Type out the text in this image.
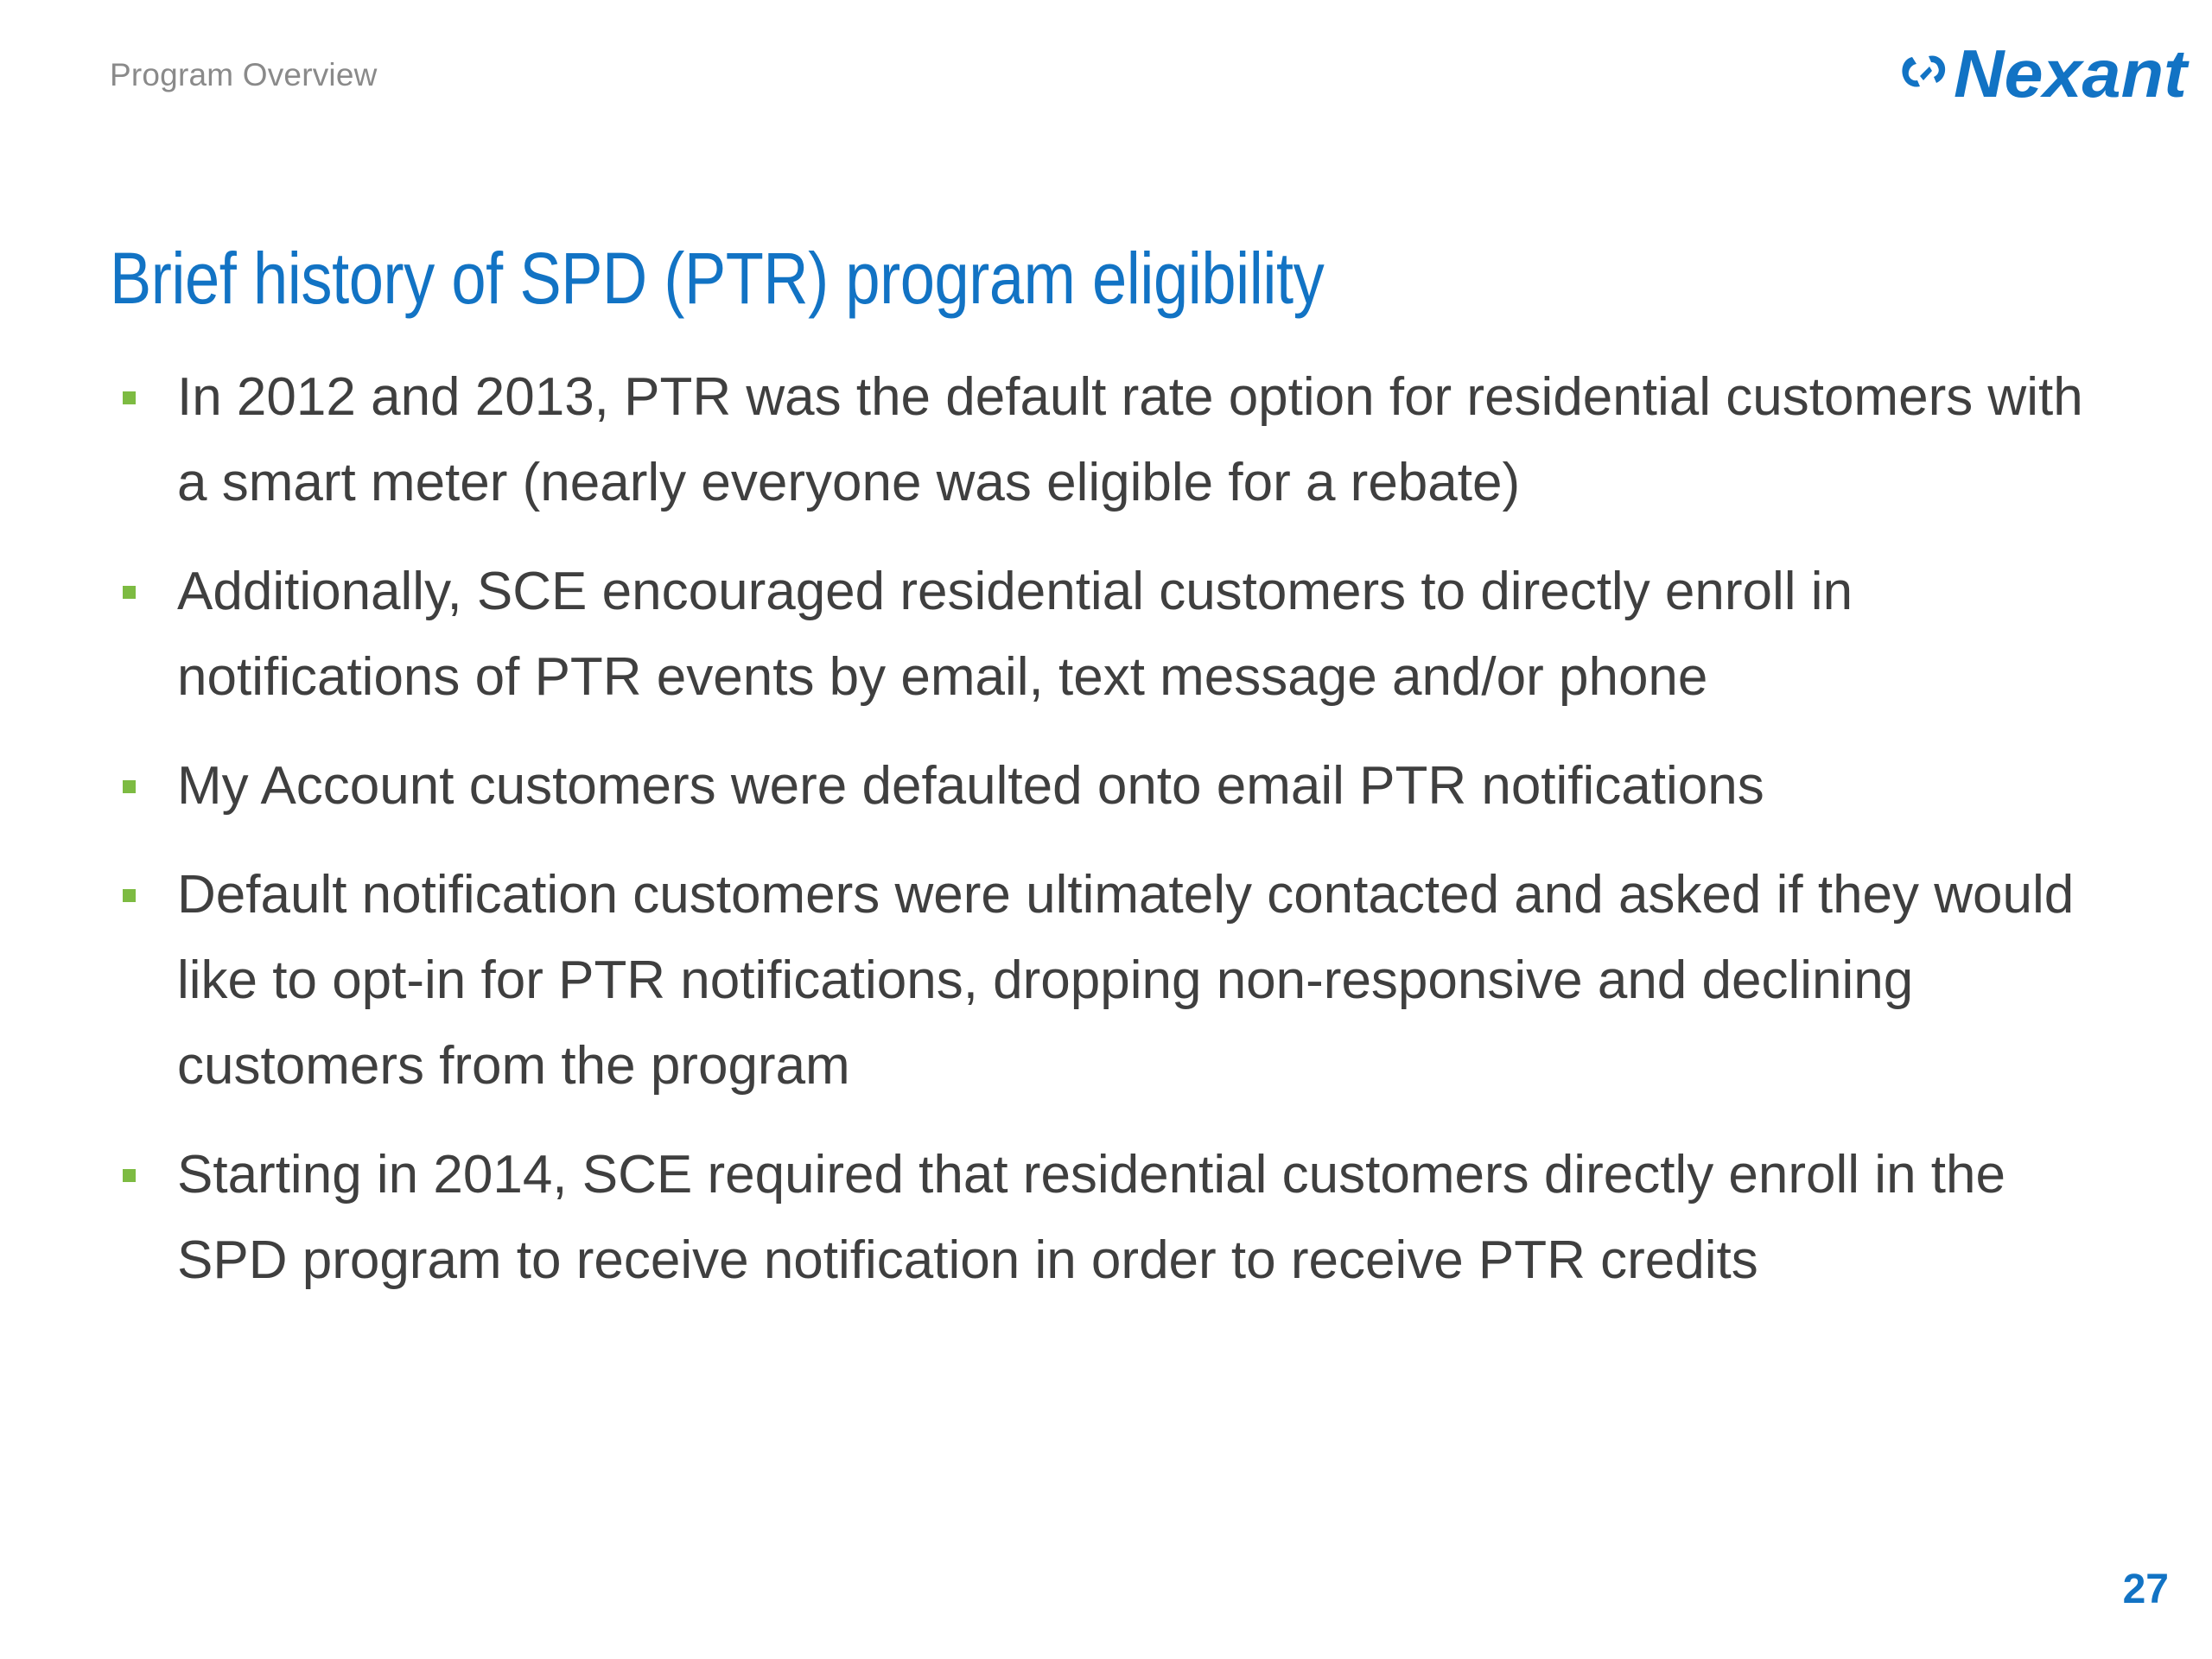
Program Overview	Nexant
Brief history of SPD (PTR) program eligibility
In 2012 and 2013, PTR was the default rate option for residential customers with a smart meter (nearly everyone was eligible for a rebate)
Additionally, SCE encouraged residential customers to directly enroll in notifications of PTR events by email, text message and/or phone
My Account customers were defaulted onto email PTR notifications
Default notification customers were ultimately contacted and asked if they would like to opt-in for PTR notifications, dropping non-responsive and declining customers from the program
Starting in 2014, SCE required that residential customers directly enroll in the SPD program to receive notification in order to receive PTR credits
27
